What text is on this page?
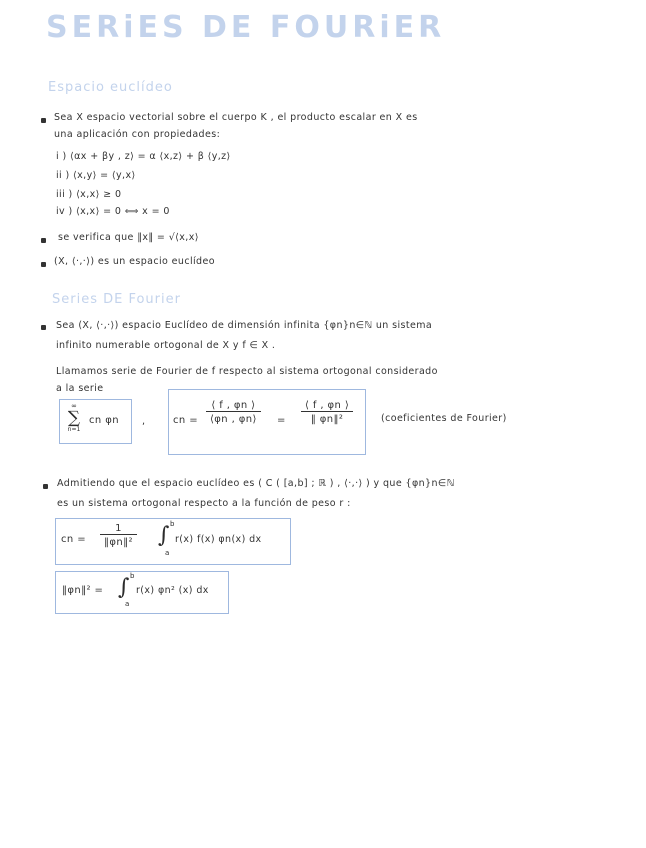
SERiES DE FOURiER
Espacio euclídeo
Sea X espacio vectorial sobre el cuerpo K , el producto escalar en X es
una aplicación con propiedades:
i ) ⟨αx + βy , z⟩ = α ⟨x,z⟩ + β ⟨y,z⟩
ii ) ⟨x,y⟩ = ⟨y,x⟩
iii ) ⟨x,x⟩ ≥ 0
iv ) ⟨x,x⟩ = 0 ⟺ x = 0
se verifica que ‖x‖ = √⟨x,x⟩
(X, ⟨·,·⟩) es un espacio euclídeo
Series DE Fourier
Sea (X, ⟨·,·⟩) espacio Euclídeo de dimensión infinita {φn}n∈ℕ un sistema
infinito numerable ortogonal de X y f ∈ X .
Llamamos serie de Fourier de f respecto al sistema ortogonal considerado
a la serie
∞
∑
n=1
cn φn ,	cn = $\frac{⟨ f , \varphi n ⟩}{⟨\varphi n , \varphi n⟩} = \frac{⟨ f , \varphi n ⟩}{\text{‖ φn‖²}}$	(coeficientes de Fourier)
Admitiendo que el espacio euclídeo es ( C ( [a,b] ; ℝ ) , ⟨·,·⟩ ) y que {φn}n∈ℕ
es un sistema ortogonal respecto a la función de peso r :
cn = $\frac{1}{\text{‖φn‖²}}$ ∫ b
a
r(x) f(x) φn(x) dx
‖φn‖² = ∫ b
a
r(x) φn² (x) dx
